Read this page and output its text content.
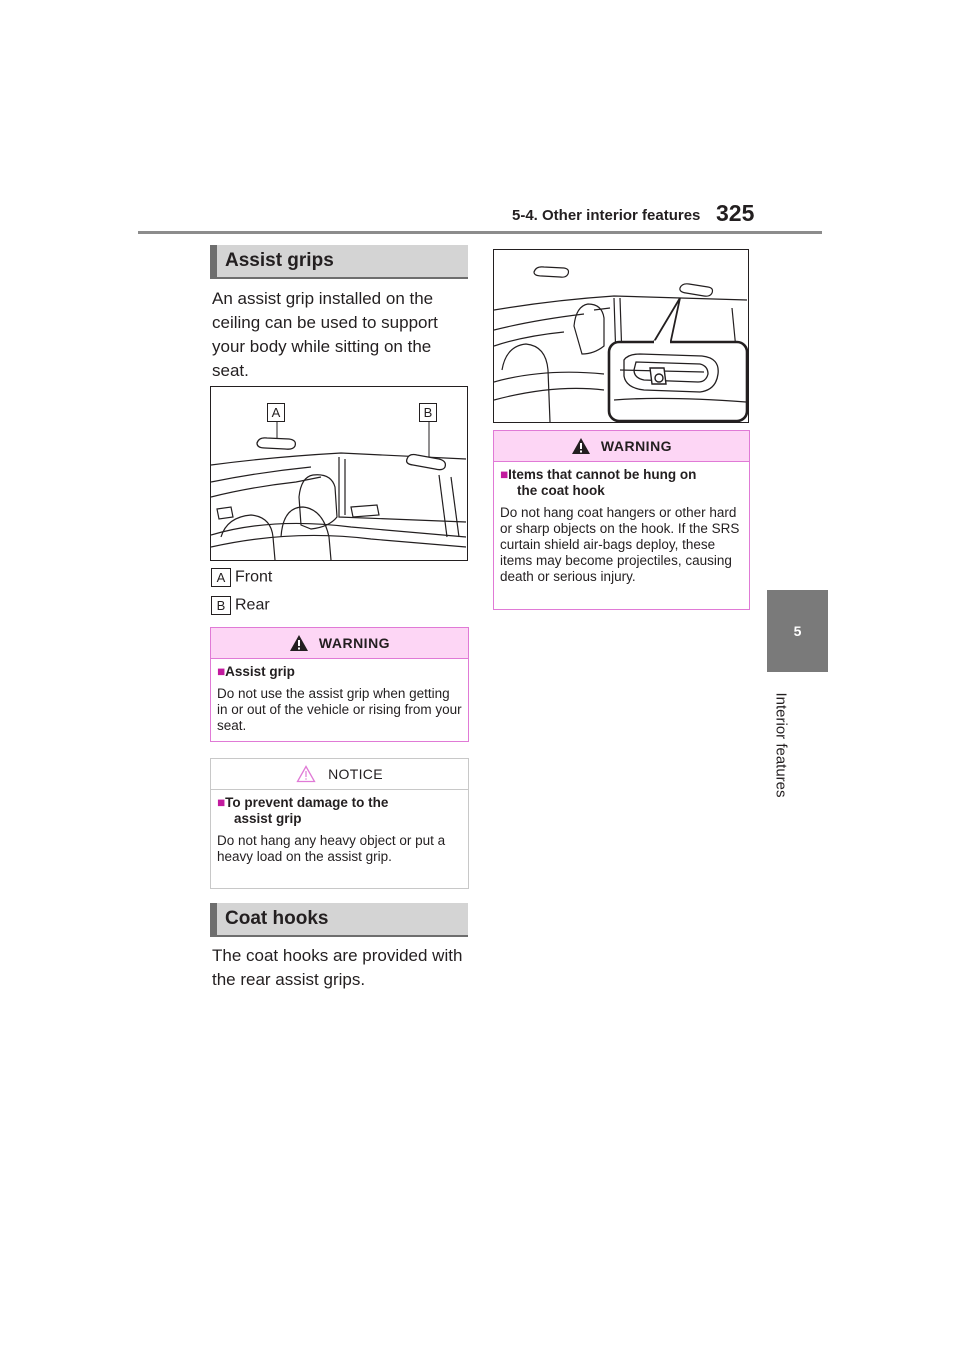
5-4. Other interior features 325
5
Interior features
Assist grips
An assist grip installed on the ceiling can be used to support your body while sitting on the seat.
A	B
A Front
B Rear
WARNING
■Assist grip
Do not use the assist grip when getting in or out of the vehicle or rising from your seat.
NOTICE
■To prevent damage to the
assist grip
Do not hang any heavy object or put a heavy load on the assist grip.
Coat hooks
The coat hooks are provided with the rear assist grips.
WARNING
■Items that cannot be hung on
the coat hook
Do not hang coat hangers or other hard or sharp objects on the hook. If the SRS curtain shield air-bags deploy, these items may become projectiles, causing death or serious injury.
